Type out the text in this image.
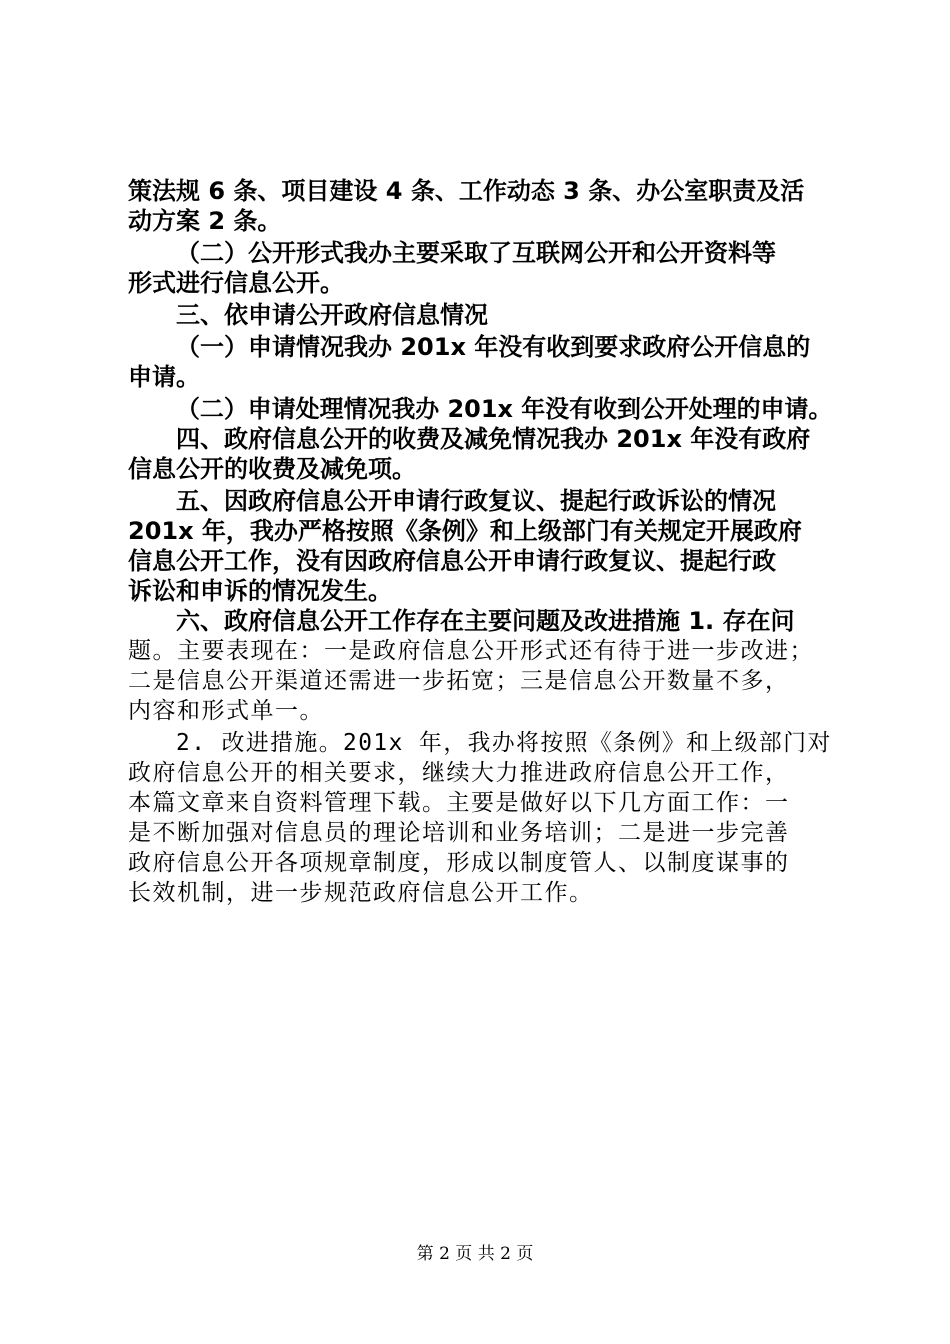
策法规 6 条、项目建设 4 条、工作动态 3 条、办公室职责及活
动方案 2 条。
（二）公开形式我办主要采取了互联网公开和公开资料等
形式进行信息公开。
三、依申请公开政府信息情况
（一）申请情况我办 201x 年没有收到要求政府公开信息的
申请。
（二）申请处理情况我办 201x 年没有收到公开处理的申请。
四、政府信息公开的收费及减免情况我办 201x 年没有政府
信息公开的收费及减免项。
五、因政府信息公开申请行政复议、提起行政诉讼的情况
201x 年，我办严格按照《条例》和上级部门有关规定开展政府
信息公开工作，没有因政府信息公开申请行政复议、提起行政
诉讼和申诉的情况发生。
六、政府信息公开工作存在主要问题及改进措施 1. 存在问
题。主要表现在：一是政府信息公开形式还有待于进一步改进；
二是信息公开渠道还需进一步拓宽；三是信息公开数量不多，
内容和形式单一。
2. 改进措施。201x 年，我办将按照《条例》和上级部门对
政府信息公开的相关要求，继续大力推进政府信息公开工作，
本篇文章来自资料管理下载。主要是做好以下几方面工作：一
是不断加强对信息员的理论培训和业务培训；二是进一步完善
政府信息公开各项规章制度，形成以制度管人、以制度谋事的
长效机制，进一步规范政府信息公开工作。
第 2 页 共 2 页
